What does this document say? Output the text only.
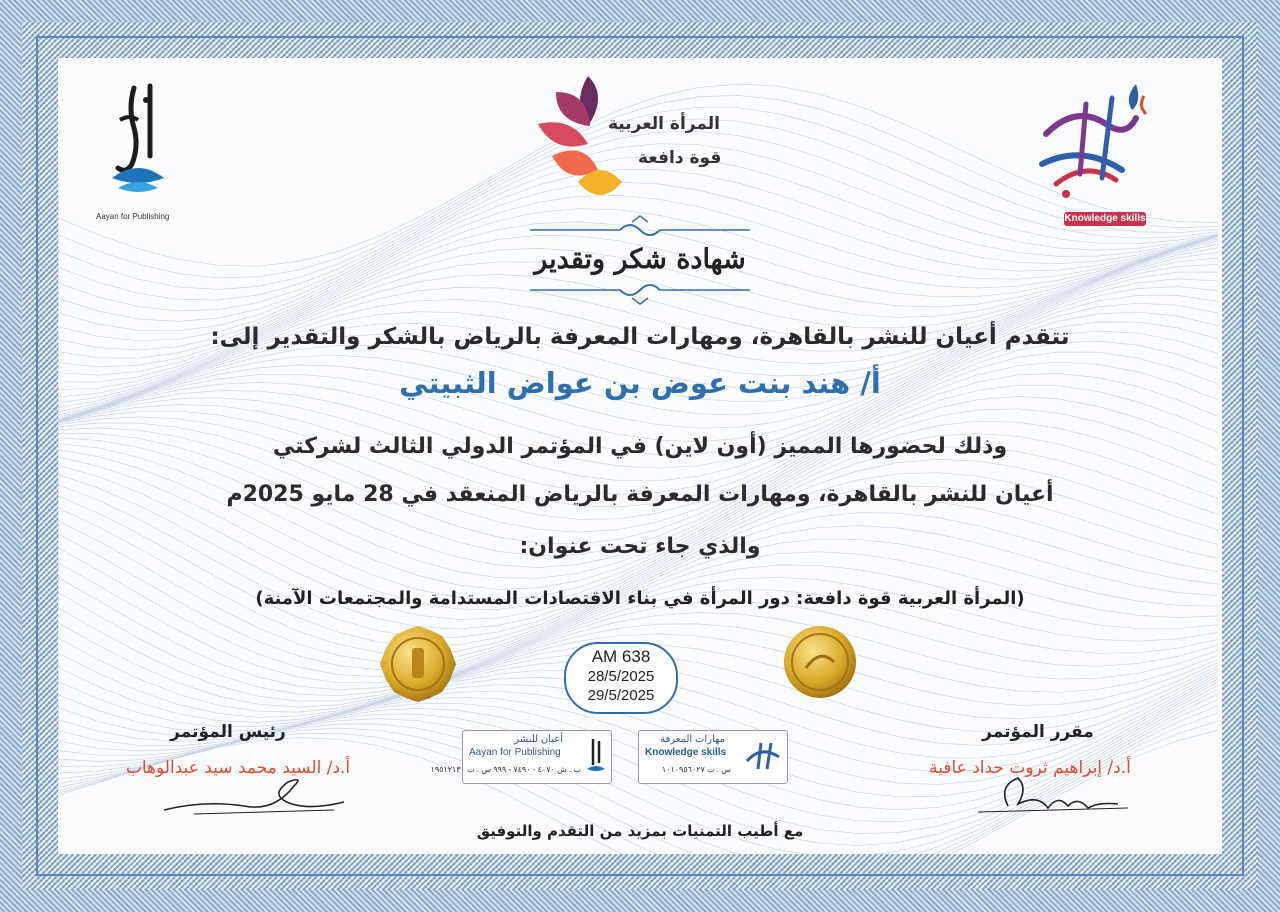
Aayan for Publishing
المرأة العربية
قوة دافعة
Knowledge skills
شهادة شكر وتقدير
تتقدم أعيان للنشر بالقاهرة، ومهارات المعرفة بالرياض بالشكر والتقدير إلى:
أ/ هند بنت عوض بن عواض الثبيتي
وذلك لحضورها المميز (أون لاين) في المؤتمر الدولي الثالث لشركتي
أعيان للنشر بالقاهرة، ومهارات المعرفة بالرياض المنعقد في 28 مايو 2025م
والذي جاء تحت عنوان:
(المرأة العربية قوة دافعة: دور المرأة في بناء الاقتصادات المستدامة والمجتمعات الآمنة)
AM 638
28/5/2025
29/5/2025
أعيان للنشر
Aayan for Publishing
ب . ش ٤٠٧٠ - ٧٤٩٠ - ٩٩٩ س . ت ١٩٥١٢١٣٠
مهارات المعرفة
Knowledge skills
س . ت ١٠١٠٩٥٦٠٢٧
رئيس المؤتمر
أ.د/ السيد محمد سيد عبدالوهاب
مقرر المؤتمر
أ.د/ إبراهيم ثروت حداد عافية
مع أطيب التمنيات بمزيد من التقدم والتوفيق
